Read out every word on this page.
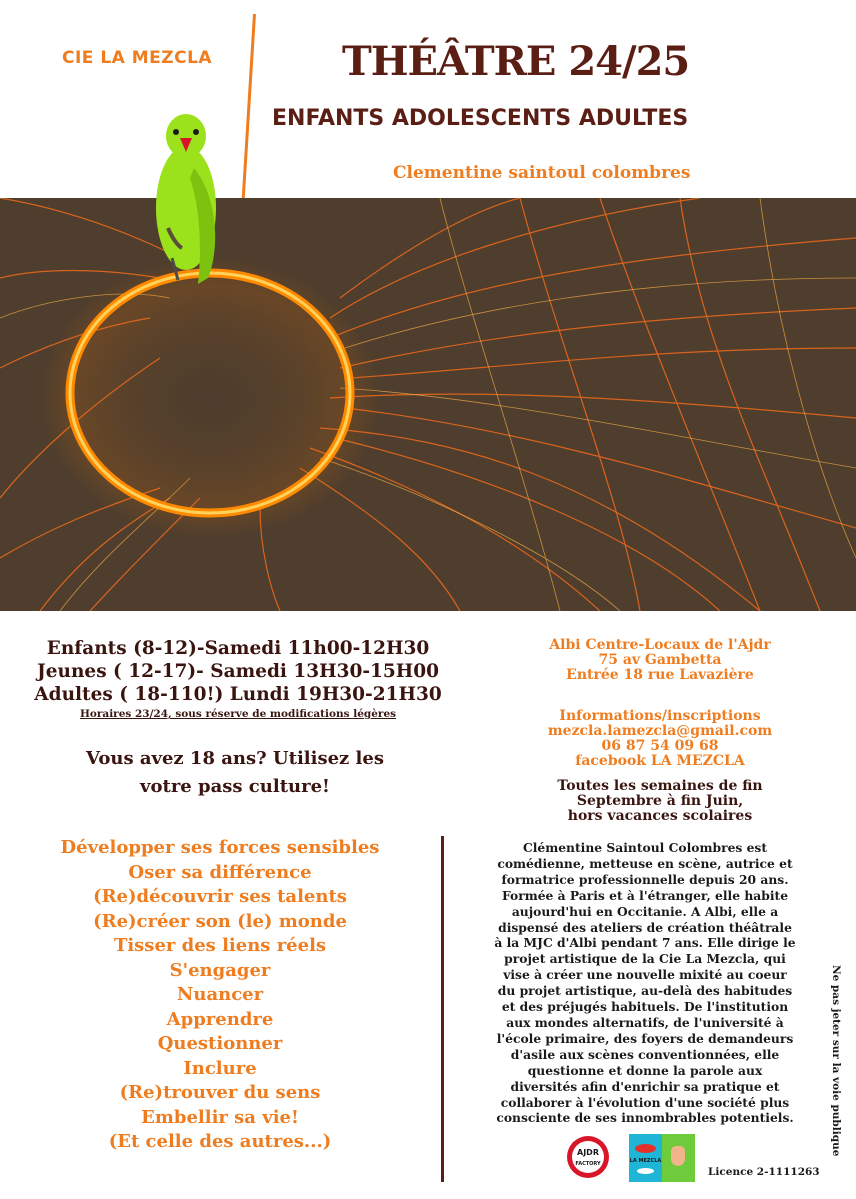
CIE LA MEZCLA	THÉÂTRE 24/25
ENFANTS ADOLESCENTS ADULTES
Clementine saintoul colombres
Enfants (8-12)-Samedi 11h00-12H30
Jeunes ( 12-17)- Samedi 13H30-15H00
Adultes ( 18-110!) Lundi 19H30-21H30
Horaires 23/24, sous réserve de modifications légères
Vous avez 18 ans? Utilisez les
votre pass culture!
Développer ses forces sensibles
Oser sa différence
(Re)découvrir ses talents
(Re)créer son (le) monde
Tisser des liens réels
S'engager
Nuancer
Apprendre
Questionner
Inclure
(Re)trouver du sens
Embellir sa vie!
(Et celle des autres...)
Albi Centre-Locaux de l'Ajdr
75 av Gambetta
Entrée 18 rue Lavazière
Informations/inscriptions
mezcla.lamezcla@gmail.com
06 87 54 09 68
facebook LA MEZCLA
Toutes les semaines de fin
Septembre à fin Juin,
hors vacances scolaires
Clémentine Saintoul Colombres est
comédienne, metteuse en scène, autrice et
formatrice professionnelle depuis 20 ans.
Formée à Paris et à l'étranger, elle habite
aujourd'hui en Occitanie. A Albi, elle a
dispensé des ateliers de création théâtrale
à la MJC d'Albi pendant 7 ans. Elle dirige le
projet artistique de la Cie La Mezcla, qui
vise à créer une nouvelle mixité au coeur
du projet artistique, au-delà des habitudes
et des préjugés habituels. De l'institution
aux mondes alternatifs, de l'université à
l'école primaire, des foyers de demandeurs
d'asile aux scènes conventionnées, elle
questionne et donne la parole aux
diversités afin d'enrichir sa pratique et
collaborer à l'évolution d'une société plus
consciente de ses innombrables potentiels.	Ne pas jeter sur la voie publique
AJDR
FACTORY	LA MEZCLA
Licence 2-1111263
